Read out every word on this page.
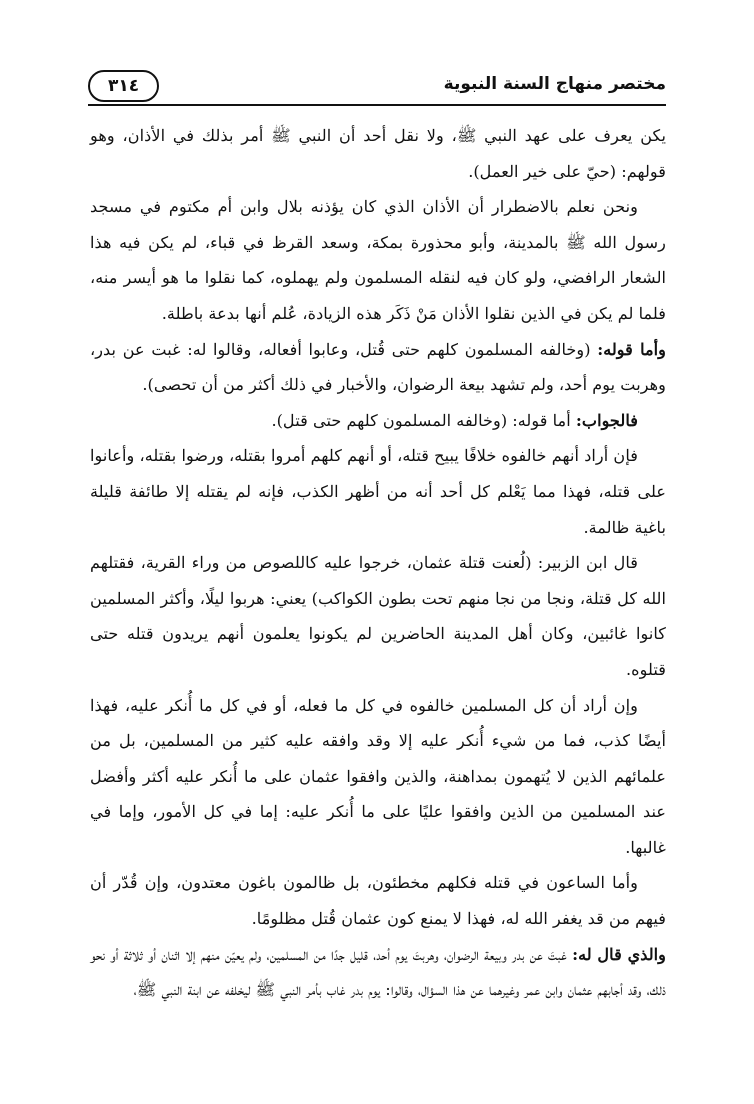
مختصر منهاج السنة النبوية
٣١٤

يكن يعرف على عهد النبي ﷺ، ولا نقل أحد أن النبي ﷺ أمر بذلك في الأذان، وهو قولهم: (حيّ على خير العمل).

ونحن نعلم بالاضطرار أن الأذان الذي كان يؤذنه بلال وابن أم مكتوم في مسجد رسول الله ﷺ بالمدينة، وأبو محذورة بمكة، وسعد القرظ في قباء، لم يكن فيه هذا الشعار الرافضي، ولو كان فيه لنقله المسلمون ولم يهملوه، كما نقلوا ما هو أيسر منه، فلما لم يكن في الذين نقلوا الأذان مَنْ ذَكَر هذه الزيادة، عُلم أنها بدعة باطلة.

وأما قوله: (وخالفه المسلمون كلهم حتى قُتل، وعابوا أفعاله، وقالوا له: غبت عن بدر، وهربت يوم أحد، ولم تشهد بيعة الرضوان، والأخبار في ذلك أكثر من أن تحصى).

فالجواب: أما قوله: (وخالفه المسلمون كلهم حتى قتل).

فإن أراد أنهم خالفوه خلافًا يبيح قتله، أو أنهم كلهم أمروا بقتله، ورضوا بقتله، وأعانوا على قتله، فهذا مما يَعْلم كل أحد أنه من أظهر الكذب، فإنه لم يقتله إلا طائفة قليلة باغية ظالمة.

قال ابن الزبير: (لُعنت قتلة عثمان، خرجوا عليه كاللصوص من وراء القرية، فقتلهم الله كل قتلة، ونجا من نجا منهم تحت بطون الكواكب) يعني: هربوا ليلًا، وأكثر المسلمين كانوا غائبين، وكان أهل المدينة الحاضرين لم يكونوا يعلمون أنهم يريدون قتله حتى قتلوه.

وإن أراد أن كل المسلمين خالفوه في كل ما فعله، أو في كل ما أُنكر عليه، فهذا أيضًا كذب، فما من شيء أُنكر عليه إلا وقد وافقه عليه كثير من المسلمين، بل من علمائهم الذين لا يُتهمون بمداهنة، والذين وافقوا عثمان على ما أُنكر عليه أكثر وأفضل عند المسلمين من الذين وافقوا عليًا على ما أُنكر عليه: إما في كل الأمور، وإما في غالبها.

وأما الساعون في قتله فكلهم مخطئون، بل ظالمون باغون معتدون، وإن قُدّر أن فيهم من قد يغفر الله له، فهذا لا يمنع كون عثمان قُتل مظلومًا.

والذي قال له: غبتَ عن بدر وبيعة الرضوان، وهربتَ يوم أحد، قليل جدًا من المسلمين، ولم يعيّن منهم إلا اثنان أو ثلاثة أو نحو ذلك، وقد أجابهم عثمان وابن عمر وغيرهما عن هذا السؤال، وقالوا: يوم بدر غاب بأمر النبي ﷺ ليخلفه عن ابنة النبي ﷺ،
